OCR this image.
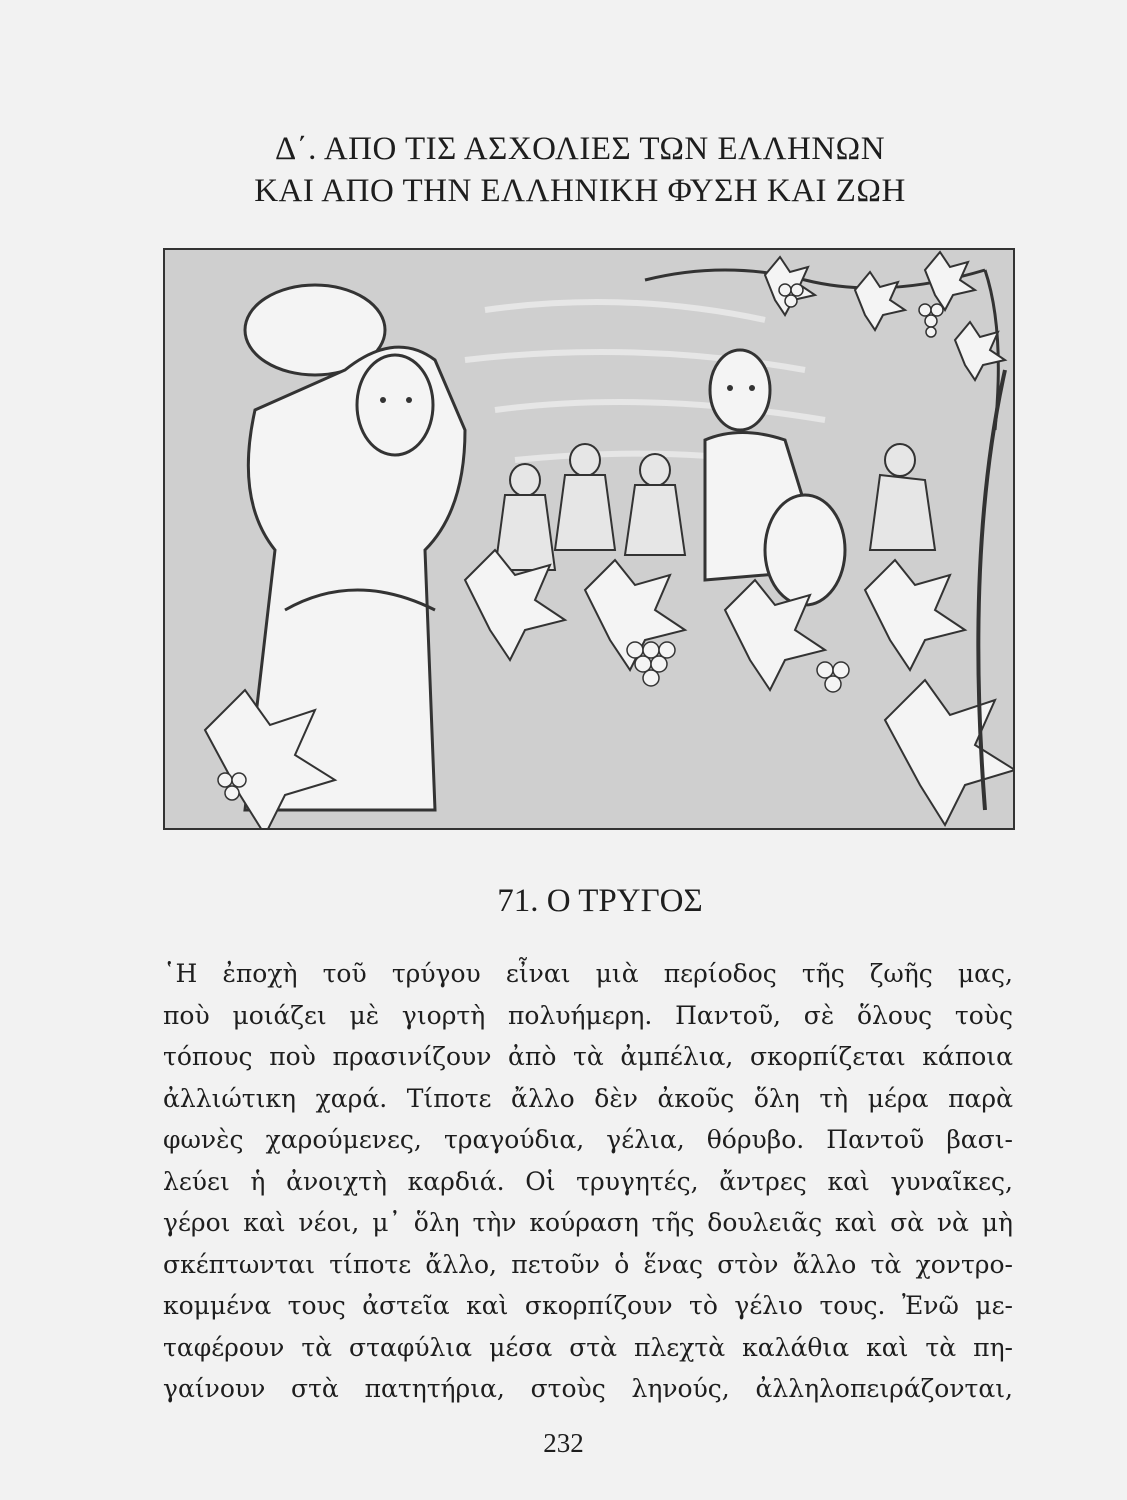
Δ΄. ΑΠΟ ΤΙΣ ΑΣΧΟΛΙΕΣ ΤΩΝ ΕΛΛΗΝΩΝ
ΚΑΙ ΑΠΟ ΤΗΝ ΕΛΛΗΝΙΚΗ ΦΥΣΗ ΚΑΙ ΖΩΗ
71. Ο ΤΡΥΓΟΣ
῾Η ἐποχὴ τοῦ τρύγου εἶναι μιὰ περίοδος τῆς ζωῆς μας,
ποὺ μοιάζει μὲ γιορτὴ πολυήμερη. Παντοῦ, σὲ ὅλους τοὺς
τόπους ποὺ πρασινίζουν ἀπὸ τὰ ἀμπέλια, σκορπίζεται κάποια
ἀλλιώτικη χαρά. Τίποτε ἄλλο δὲν ἀκοῦς ὅλη τὴ μέρα παρὰ
φωνὲς χαρούμενες, τραγούδια, γέλια, θόρυβο. Παντοῦ βασι-
λεύει ἡ ἀνοιχτὴ καρδιά. Οἱ τρυγητές, ἄντρες καὶ γυναῖκες,
γέροι καὶ νέοι, μ᾽ ὅλη τὴν κούραση τῆς δουλειᾶς καὶ σὰ νὰ μὴ
σκέπτωνται τίποτε ἄλλο, πετοῦν ὁ ἕνας στὸν ἄλλο τὰ χοντρο-
κομμένα τους ἀστεῖα καὶ σκορπίζουν τὸ γέλιο τους. Ἐνῶ με-
ταφέρουν τὰ σταφύλια μέσα στὰ πλεχτὰ καλάθια καὶ τὰ πη-
γαίνουν στὰ πατητήρια, στοὺς ληνούς, ἀλληλοπειράζονται,
232
